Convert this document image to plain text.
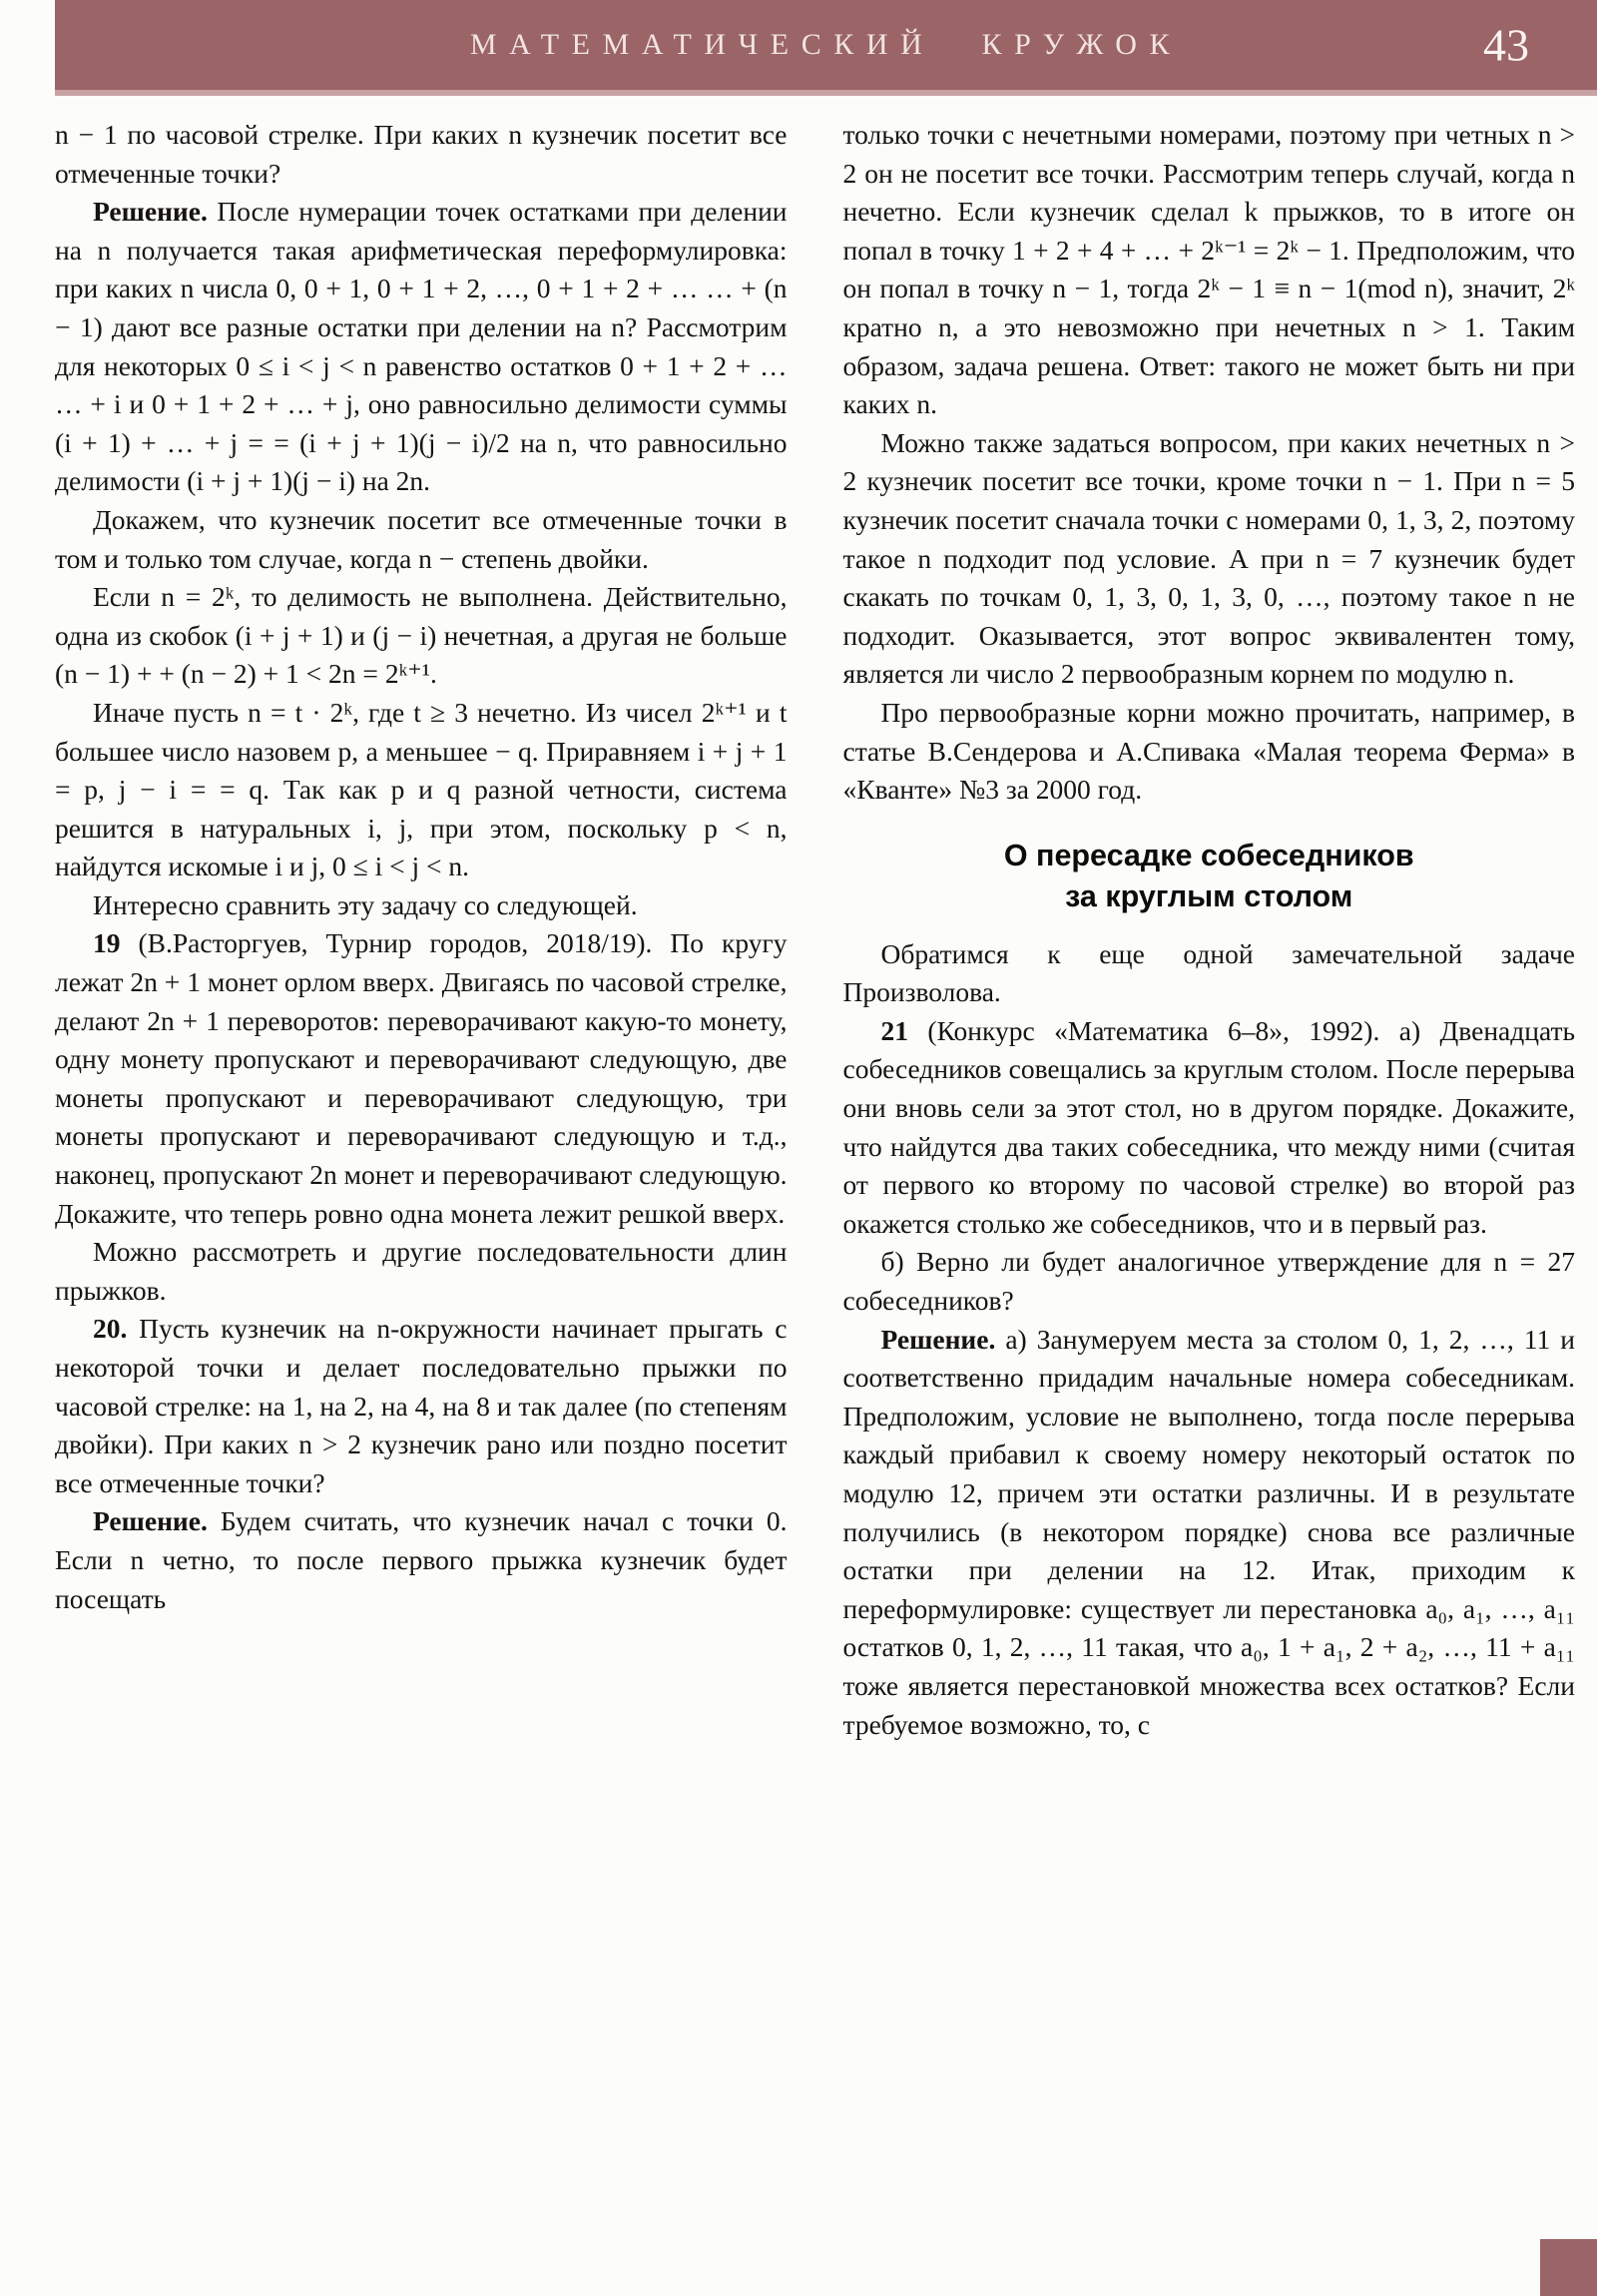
МАТЕМАТИЧЕСКИЙ КРУЖОК	43

n − 1 по часовой стрелке. При каких n кузнечик посетит все отмеченные точки?

Решение. После нумерации точек остатками при делении на n получается такая арифметическая переформулировка: при каких n числа 0, 0 + 1, 0 + 1 + 2, …, 0 + 1 + 2 + … … + (n − 1) дают все разные остатки при делении на n? Рассмотрим для некоторых 0 ≤ i < j < n равенство остатков 0 + 1 + 2 + … … + i и 0 + 1 + 2 + … + j, оно равносильно делимости суммы (i + 1) + … + j = = (i + j + 1)(j − i)/2 на n, что равносильно делимости (i + j + 1)(j − i) на 2n.

Докажем, что кузнечик посетит все отмеченные точки в том и только том случае, когда n − степень двойки.

Если n = 2ᵏ, то делимость не выполнена. Действительно, одна из скобок (i + j + 1) и (j − i) нечетная, а другая не больше (n − 1) + + (n − 2) + 1 < 2n = 2ᵏ⁺¹.

Иначе пусть n = t · 2ᵏ, где t ≥ 3 нечетно. Из чисел 2ᵏ⁺¹ и t большее число назовем p, а меньшее − q. Приравняем i + j + 1 = p, j − i = = q. Так как p и q разной четности, система решится в натуральных i, j, при этом, поскольку p < n, найдутся искомые i и j, 0 ≤ i < j < n.

Интересно сравнить эту задачу со следующей.

19 (В.Расторгуев, Турнир городов, 2018/19). По кругу лежат 2n + 1 монет орлом вверх. Двигаясь по часовой стрелке, делают 2n + 1 переворотов: переворачивают какую-то монету, одну монету пропускают и переворачивают следующую, две монеты пропускают и переворачивают следующую, три монеты пропускают и переворачивают следующую и т.д., наконец, пропускают 2n монет и переворачивают следующую. Докажите, что теперь ровно одна монета лежит решкой вверх.

Можно рассмотреть и другие последовательности длин прыжков.

20. Пусть кузнечик на n-окружности начинает прыгать с некоторой точки и делает последовательно прыжки по часовой стрелке: на 1, на 2, на 4, на 8 и так далее (по степеням двойки). При каких n > 2 кузнечик рано или поздно посетит все отмеченные точки?

Решение. Будем считать, что кузнечик начал с точки 0. Если n четно, то после первого прыжка кузнечик будет посещать

только точки с нечетными номерами, поэтому при четных n > 2 он не посетит все точки. Рассмотрим теперь случай, когда n нечетно. Если кузнечик сделал k прыжков, то в итоге он попал в точку 1 + 2 + 4 + … + 2ᵏ⁻¹ = 2ᵏ − 1. Предположим, что он попал в точку n − 1, тогда 2ᵏ − 1 ≡ n − 1(mod n), значит, 2ᵏ кратно n, а это невозможно при нечетных n > 1. Таким образом, задача решена. Ответ: такого не может быть ни при каких n.

Можно также задаться вопросом, при каких нечетных n > 2 кузнечик посетит все точки, кроме точки n − 1. При n = 5 кузнечик посетит сначала точки с номерами 0, 1, 3, 2, поэтому такое n подходит под условие. А при n = 7 кузнечик будет скакать по точкам 0, 1, 3, 0, 1, 3, 0, …, поэтому такое n не подходит. Оказывается, этот вопрос эквивалентен тому, является ли число 2 первообразным корнем по модулю n.

Про первообразные корни можно прочитать, например, в статье В.Сендерова и А.Спивака «Малая теорема Ферма» в «Кванте» №3 за 2000 год.

О пересадке собеседников
за круглым столом

Обратимся к еще одной замечательной задаче Произволова.

21 (Конкурс «Математика 6–8», 1992). а) Двенадцать собеседников совещались за круглым столом. После перерыва они вновь сели за этот стол, но в другом порядке. Докажите, что найдутся два таких собеседника, что между ними (считая от первого ко второму по часовой стрелке) во второй раз окажется столько же собеседников, что и в первый раз.

б) Верно ли будет аналогичное утверждение для n = 27 собеседников?

Решение. а) Занумеруем места за столом 0, 1, 2, …, 11 и соответственно придадим начальные номера собеседникам. Предположим, условие не выполнено, тогда после перерыва каждый прибавил к своему номеру некоторый остаток по модулю 12, причем эти остатки различны. И в результате получились (в некотором порядке) снова все различные остатки при делении на 12. Итак, приходим к переформулировке: существует ли перестановка a₀, a₁, …, a₁₁ остатков 0, 1, 2, …, 11 такая, что a₀, 1 + a₁, 2 + a₂, …, 11 + a₁₁ тоже является перестановкой множества всех остатков? Если требуемое возможно, то, с
